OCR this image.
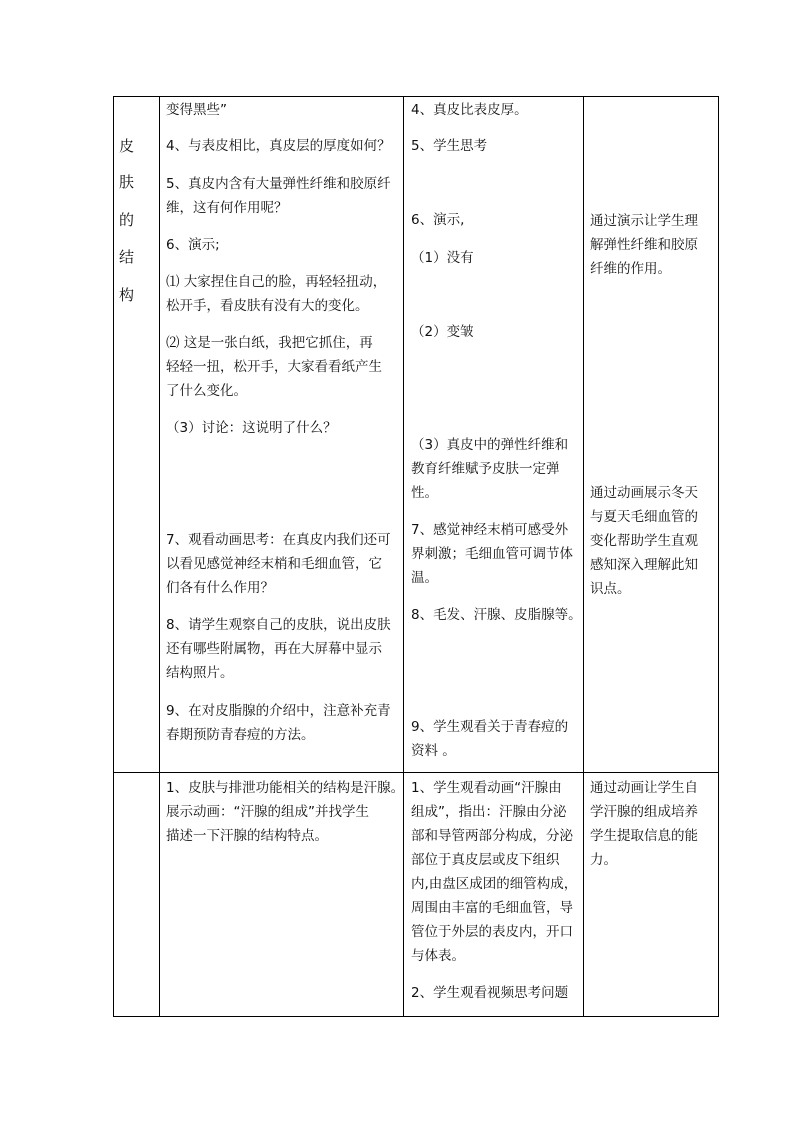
皮
肤
的
结
构
变得黑些”
4、与表皮相比，真皮层的厚度如何？
5、真皮内含有大量弹性纤维和胶原纤
维，这有何作用呢？
6、演示;
⑴ 大家捏住自己的脸，再轻轻扭动，
松开手，看皮肤有没有大的变化。
⑵ 这是一张白纸，我把它抓住，再
轻轻一扭，松开手，大家看看纸产生
了什么变化。
（3）讨论：这说明了什么？
7、观看动画思考：在真皮内我们还可
以看见感觉神经末梢和毛细血管，它
们各有什么作用？
8、请学生观察自己的皮肤，说出皮肤
还有哪些附属物，再在大屏幕中显示
结构照片。
9、在对皮脂腺的介绍中，注意补充青
春期预防青春痘的方法。
4、真皮比表皮厚。
5、学生思考
6、演示,
（1）没有
（2）变皱
（3）真皮中的弹性纤维和
教育纤维赋予皮肤一定弹
性。
7、感觉神经末梢可感受外
界刺激；毛细血管可调节体
温。
8、毛发、汗腺、皮脂腺等。
9、学生观看关于青春痘的
资料 。
通过演示让学生理
解弹性纤维和胶原
纤维的作用。
通过动画展示冬天
与夏天毛细血管的
变化帮助学生直观
感知深入理解此知
识点。
1、皮肤与排泄功能相关的结构是汗腺。
展示动画：“汗腺的组成”并找学生
描述一下汗腺的结构特点。
1、学生观看动画“汗腺由
组成”，指出：汗腺由分泌
部和导管两部分构成，分泌
部位于真皮层或皮下组织
内,由盘区成团的细管构成，
周围由丰富的毛细血管，导
管位于外层的表皮内，开口
与体表。
2、学生观看视频思考问题
通过动画让学生自
学汗腺的组成培养
学生提取信息的能
力。
